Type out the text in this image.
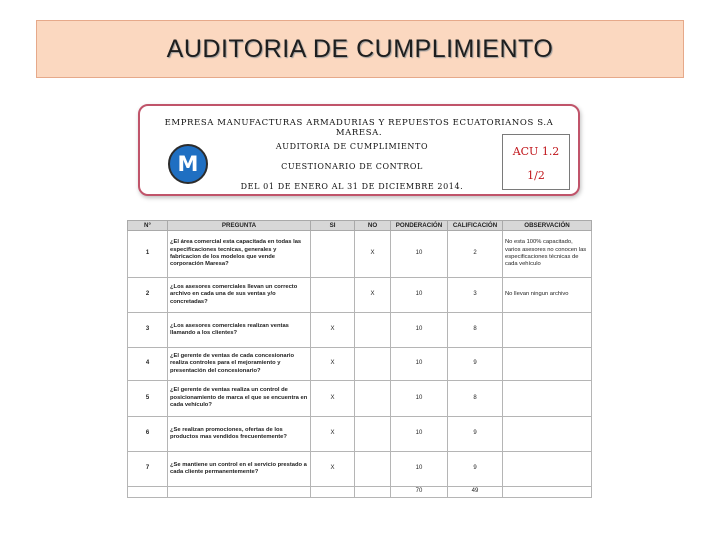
AUDITORIA DE CUMPLIMIENTO
EMPRESA MANUFACTURAS ARMADURIAS Y REPUESTOS ECUATORIANOS S.A MARESA.
M
AUDITORIA DE CUMPLIMIENTO
CUESTIONARIO DE CONTROL
DEL 01 DE ENERO AL 31 DE DICIEMBRE 2014.
ACU 1.2
1/2
N°	PREGUNTA	SI	NO	PONDERACIÓN	CALIFICACIÓN	OBSERVACIÓN
1	¿El área comercial esta capacitada en todas las especificaciones tecnicas, generales y fabricacion de los modelos que vende corporación Maresa?		X	10	2	No esta 100% capacitado, varios asesores no conocen las especificaciones técnicas de cada vehículo
2	¿Los asesores comerciales llevan un correcto archivo en cada una de sus ventas y/o concretadas?		X	10	3	No llevan ningun archivo
3	¿Los asesores comerciales realizan ventas llamando a los clientes?	X		10	8	
4	¿El gerente de ventas de cada concesionario realiza controles para el mejoramiento y presentación del concesionario?	X		10	9	
5	¿El gerente de ventas realiza un control de posicionamiento de marca el que se encuentra en cada vehículo?	X		10	8	
6	¿Se realizan promociones, ofertas de los productos mas vendidos frecuentemente?	X		10	9	
7	¿Se mantiene un control en el servicio prestado a cada cliente permanentemente?	X		10	9	
				70	49	
